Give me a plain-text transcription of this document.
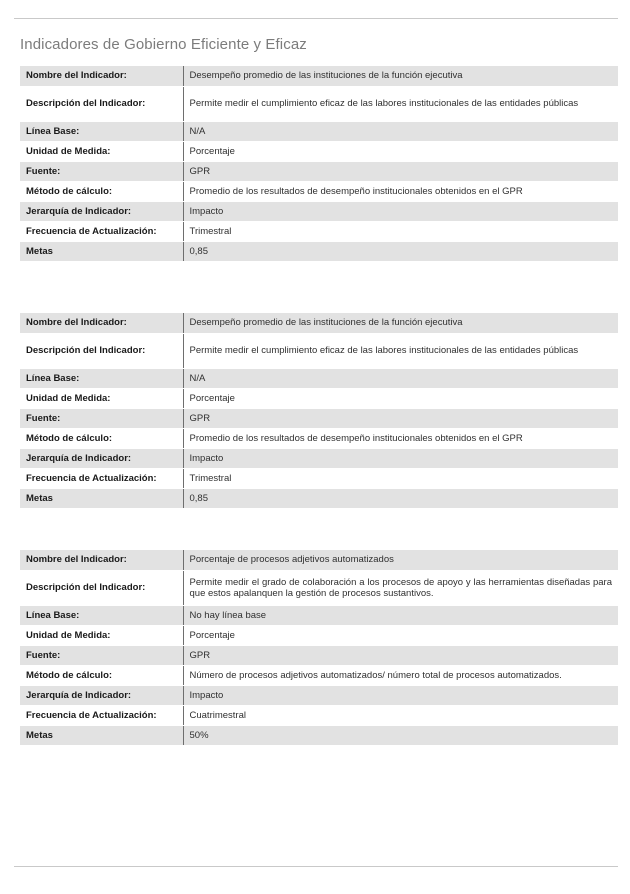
Indicadores de Gobierno Eficiente y Eficaz
Nombre del Indicador:	Desempeño promedio de las instituciones de la función ejecutiva
Descripción del Indicador:	Permite medir el cumplimiento eficaz de las labores institucionales de las entidades públicas
Línea Base:	N/A
Unidad de Medida:	Porcentaje
Fuente:	GPR
Método de cálculo:	Promedio de los resultados de desempeño institucionales obtenidos en el GPR
Jerarquía de Indicador:	Impacto
Frecuencia de Actualización:	Trimestral
Metas	0,85
Nombre del Indicador:	Desempeño promedio de las instituciones de la función ejecutiva
Descripción del Indicador:	Permite medir el cumplimiento eficaz de las labores institucionales de las entidades públicas
Línea Base:	N/A
Unidad de Medida:	Porcentaje
Fuente:	GPR
Método de cálculo:	Promedio de los resultados de desempeño institucionales obtenidos en el GPR
Jerarquía de Indicador:	Impacto
Frecuencia de Actualización:	Trimestral
Metas	0,85
Nombre del Indicador:	Porcentaje de procesos adjetivos automatizados
Descripción del Indicador:	Permite medir el grado de colaboración a los procesos de apoyo y las herramientas diseñadas para que estos apalanquen la gestión de procesos sustantivos.
Línea Base:	No hay línea base
Unidad de Medida:	Porcentaje
Fuente:	GPR
Método de cálculo:	Número de procesos adjetivos automatizados/ número total de procesos automatizados.
Jerarquía de Indicador:	Impacto
Frecuencia de Actualización:	Cuatrimestral
Metas	50%
